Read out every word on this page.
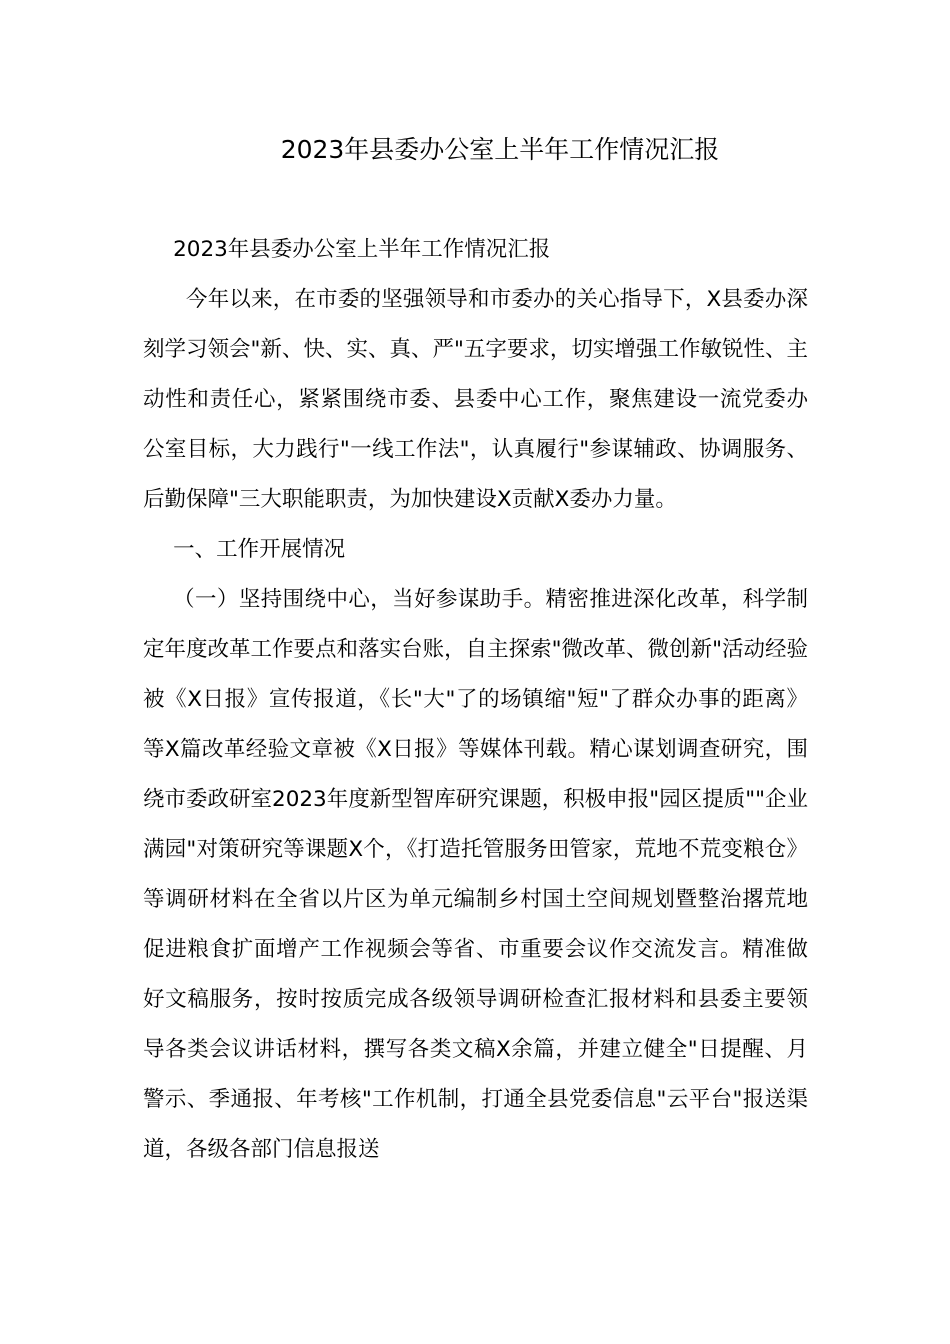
2023年县委办公室上半年工作情况汇报

2023年县委办公室上半年工作情况汇报

今年以来，在市委的坚强领导和市委办的关心指导下，X县委办深刻学习领会"新、快、实、真、严"五字要求，切实增强工作敏锐性、主动性和责任心，紧紧围绕市委、县委中心工作，聚焦建设一流党委办公室目标，大力践行"一线工作法"，认真履行"参谋辅政、协调服务、后勤保障"三大职能职责，为加快建设X贡献X委办力量。

一、工作开展情况

（一）坚持围绕中心，当好参谋助手。精密推进深化改革，科学制定年度改革工作要点和落实台账，自主探索"微改革、微创新"活动经验被《X日报》宣传报道，《长"大"了的场镇缩"短"了群众办事的距离》等X篇改革经验文章被《X日报》等媒体刊载。精心谋划调查研究，围绕市委政研室2023年度新型智库研究课题，积极申报"园区提质""企业满园"对策研究等课题X个，《打造托管服务田管家，荒地不荒变粮仓》等调研材料在全省以片区为单元编制乡村国土空间规划暨整治撂荒地促进粮食扩面增产工作视频会等省、市重要会议作交流发言。精准做好文稿服务，按时按质完成各级领导调研检查汇报材料和县委主要领导各类会议讲话材料，撰写各类文稿X余篇，并建立健全"日提醒、月警示、季通报、年考核"工作机制，打通全县党委信息"云平台"报送渠道，各级各部门信息报送
